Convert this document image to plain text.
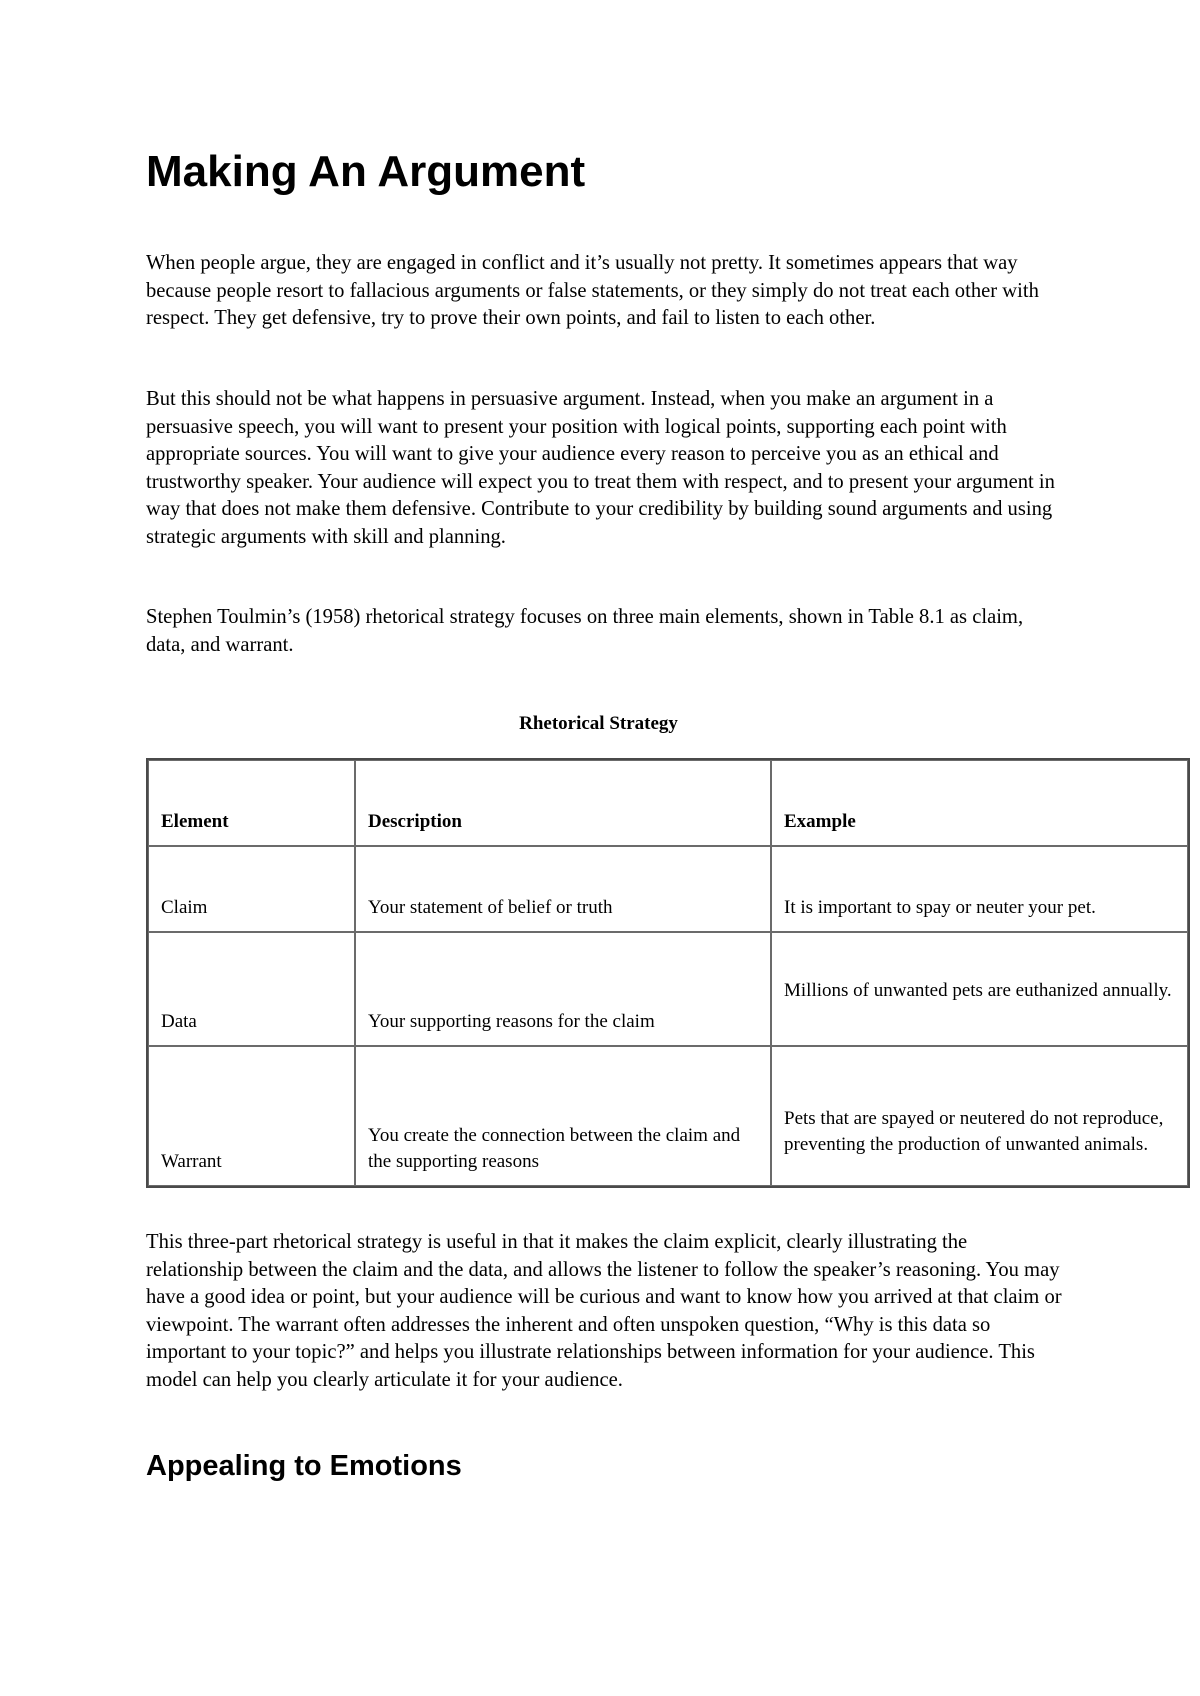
Making An Argument

When people argue, they are engaged in conflict and it’s usually not pretty. It sometimes appears that way because people resort to fallacious arguments or false statements, or they simply do not treat each other with respect. They get defensive, try to prove their own points, and fail to listen to each other.

But this should not be what happens in persuasive argument. Instead, when you make an argument in a persuasive speech, you will want to present your position with logical points, supporting each point with appropriate sources. You will want to give your audience every reason to perceive you as an ethical and trustworthy speaker. Your audience will expect you to treat them with respect, and to present your argument in way that does not make them defensive. Contribute to your credibility by building sound arguments and using strategic arguments with skill and planning.

Stephen Toulmin’s (1958) rhetorical strategy focuses on three main elements, shown in Table 8.1 as claim, data, and warrant.

Rhetorical Strategy
Element	Description	Example
Claim	Your statement of belief or truth	It is important to spay or neuter your pet.
Data	Your supporting reasons for the claim	Millions of unwanted pets are euthanized annually.
Warrant	You create the connection between the claim and the supporting reasons	Pets that are spayed or neutered do not reproduce, preventing the production of unwanted animals.

This three-part rhetorical strategy is useful in that it makes the claim explicit, clearly illustrating the relationship between the claim and the data, and allows the listener to follow the speaker’s reasoning. You may have a good idea or point, but your audience will be curious and want to know how you arrived at that claim or viewpoint. The warrant often addresses the inherent and often unspoken question, “Why is this data so important to your topic?” and helps you illustrate relationships between information for your audience. This model can help you clearly articulate it for your audience.

Appealing to Emotions
